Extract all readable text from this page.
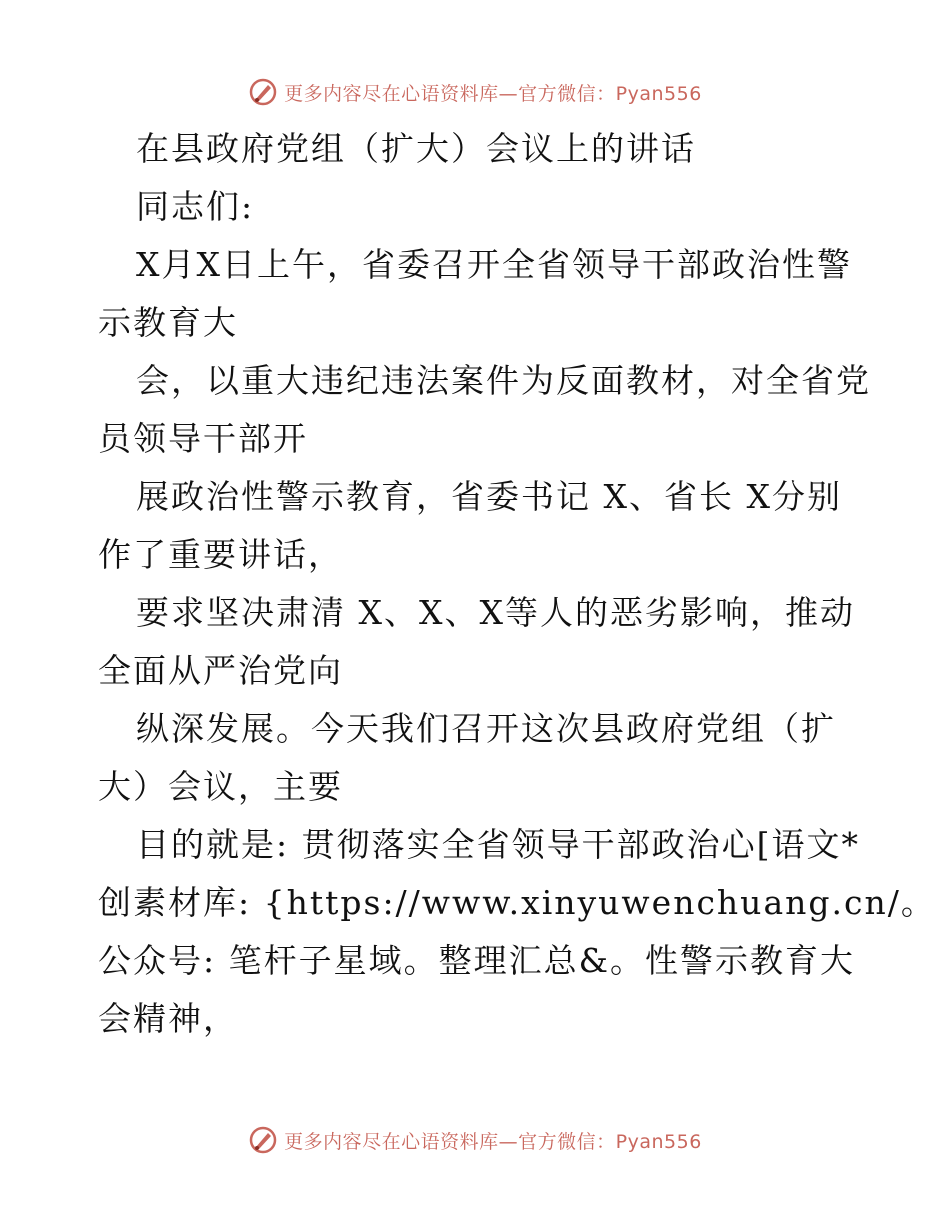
更多内容尽在心语资料库—官方微信：Pyan556
在县政府党组（扩大）会议上的讲话
同志们:
X月X日上午，省委召开全省领导干部政治性警
示教育大
会，以重大违纪违法案件为反面教材，对全省党
员领导干部开
展政治性警示教育，省委书记 X、省长 X分别
作了重要讲话，
要求坚决肃清 X、X、X等人的恶劣影响，推动
全面从严治党向
纵深发展。今天我们召开这次县政府党组（扩
大）会议，主要
目的就是: 贯彻落实全省领导干部政治心[语文*
创素材库: {https://www.xinyuwenchuang.cn/。
公众号: 笔杆子星域。整理汇总&。性警示教育大
会精神，
更多内容尽在心语资料库—官方微信：Pyan556
